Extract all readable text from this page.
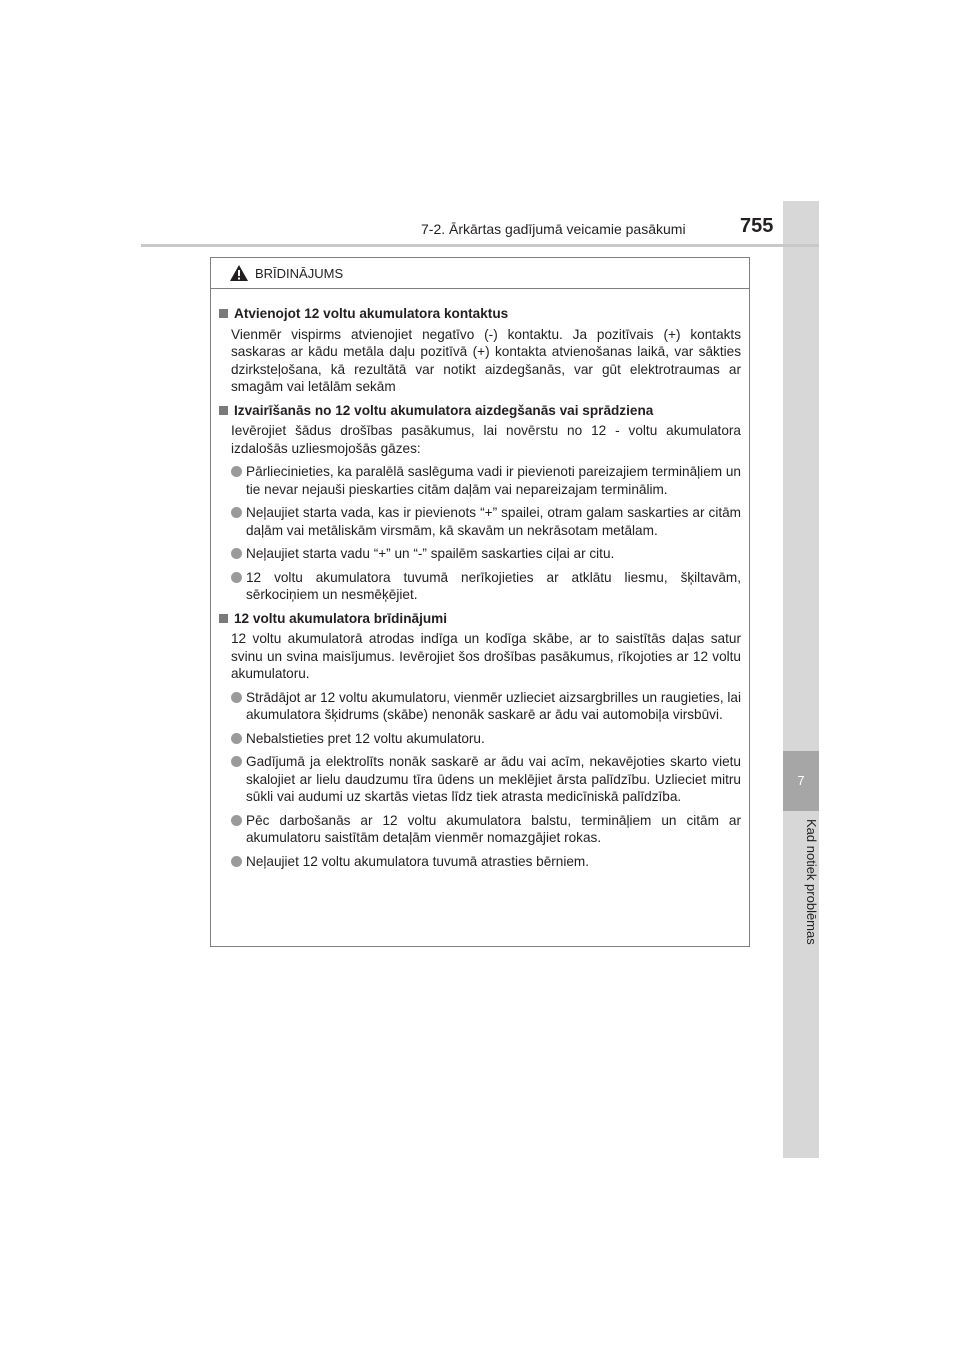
7
Kad notiek problēmas
7-2. Ārkārtas gadījumā veicamie pasākumi	755
BRĪDINĀJUMS
Atvienojot 12 voltu akumulatora kontaktus

Vienmēr vispirms atvienojiet negatīvo (-) kontaktu. Ja pozitīvais (+) kontakts saskaras ar kādu metāla daļu pozitīvā (+) kontakta atvienošanas laikā, var sākties dzirksteļošana, kā rezultātā var notikt aizdegšanās, var gūt elektrotraumas ar smagām vai letālām sekām

Izvairīšanās no 12 voltu akumulatora aizdegšanās vai sprādziena

Ievērojiet šādus drošības pasākumus, lai novērstu no 12 - voltu akumulatora izdalošās uzliesmojošās gāzes:

Pārliecinieties, ka paralēlā saslēguma vadi ir pievienoti pareizajiem termināļiem un tie nevar nejauši pieskarties citām daļām vai nepareizajam terminālim.
Neļaujiet starta vada, kas ir pievienots “+” spailei, otram galam saskarties ar citām daļām vai metāliskām virsmām, kā skavām un nekrāsotam metālam.
Neļaujiet starta vadu “+” un “-” spailēm saskarties ciļai ar citu.
12 voltu akumulatora tuvumā nerīkojieties ar atklātu liesmu, šķiltavām, sērkociņiem un nesmēķējiet.
12 voltu akumulatora brīdinājumi

12 voltu akumulatorā atrodas indīga un kodīga skābe, ar to saistītās daļas satur svinu un svina maisījumus. Ievērojiet šos drošības pasākumus, rīkojoties ar 12 voltu akumulatoru.

Strādājot ar 12 voltu akumulatoru, vienmēr uzlieciet aizsargbrilles un raugieties, lai akumulatora šķidrums (skābe) nenonāk saskarē ar ādu vai automobiļa virsbūvi.
Nebalstieties pret 12 voltu akumulatoru.
Gadījumā ja elektrolīts nonāk saskarē ar ādu vai acīm, nekavējoties skarto vietu skalojiet ar lielu daudzumu tīra ūdens un meklējiet ārsta palīdzību. Uzlieciet mitru sūkli vai audumi uz skartās vietas līdz tiek atrasta medicīniskā palīdzība.
Pēc darbošanās ar 12 voltu akumulatora balstu, termināļiem un citām ar akumulatoru saistītām detaļām vienmēr nomazgājiet rokas.
Neļaujiet 12 voltu akumulatora tuvumā atrasties bērniem.
